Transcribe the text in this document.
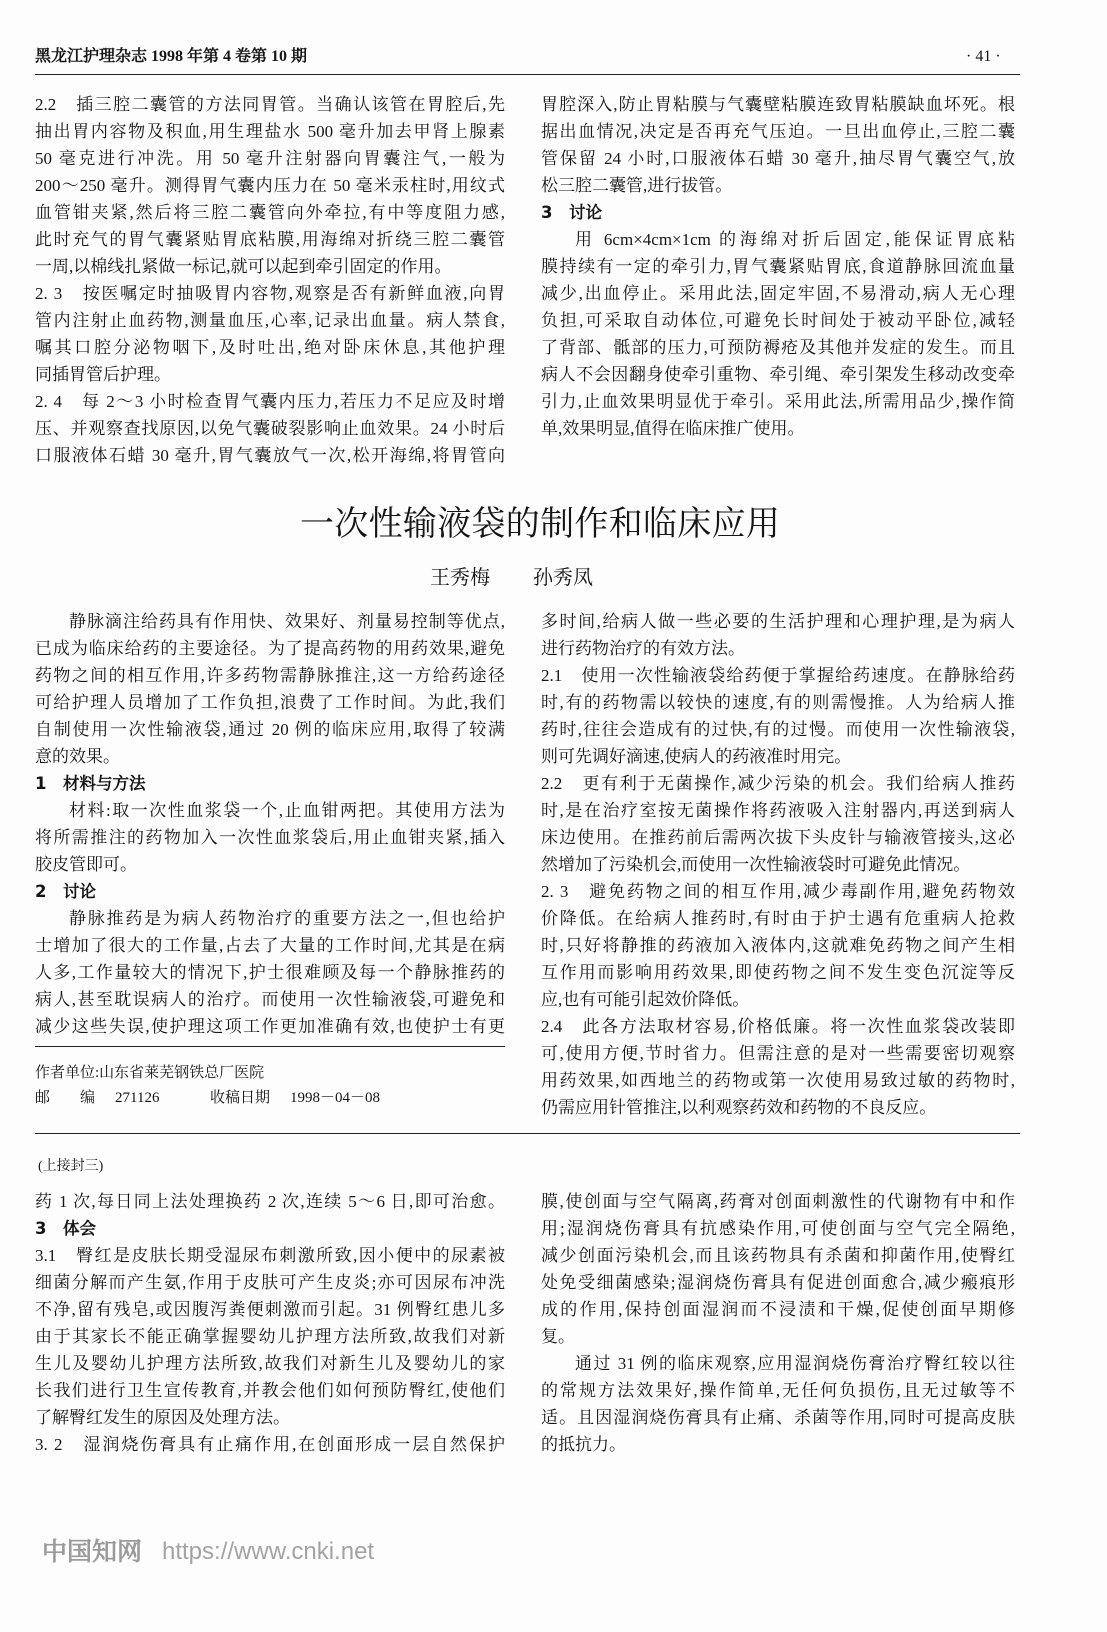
黑龙江护理杂志 1998 年第 4 卷第 10 期	· 41 ·
2.2　插三腔二囊管的方法同胃管。当确认该管在胃腔后,先
抽出胃内容物及积血,用生理盐水 500 毫升加去甲肾上腺素
50 毫克进行冲洗。用 50 毫升注射器向胃囊注气,一般为
200～250 毫升。测得胃气囊内压力在 50 毫米汞柱时,用纹式
血管钳夹紧,然后将三腔二囊管向外牵拉,有中等度阻力感,
此时充气的胃气囊紧贴胃底粘膜,用海绵对折绕三腔二囊管
一周,以棉线扎紧做一标记,就可以起到牵引固定的作用。
2. 3　按医嘱定时抽吸胃内容物,观察是否有新鲜血液,向胃
管内注射止血药物,测量血压,心率,记录出血量。病人禁食,
嘱其口腔分泌物咽下,及时吐出,绝对卧床休息,其他护理
同插胃管后护理。
2. 4　每 2～3 小时检查胃气囊内压力,若压力不足应及时增
压、并观察查找原因,以免气囊破裂影响止血效果。24 小时后
口服液体石蜡 30 毫升,胃气囊放气一次,松开海绵,将胃管向
胃腔深入,防止胃粘膜与气囊壁粘膜连致胃粘膜缺血坏死。根
据出血情况,决定是否再充气压迫。一旦出血停止,三腔二囊
管保留 24 小时,口服液体石蜡 30 毫升,抽尽胃气囊空气,放
松三腔二囊管,进行拔管。
3　讨论
用 6cm×4cm×1cm 的海绵对折后固定,能保证胃底粘
膜持续有一定的牵引力,胃气囊紧贴胃底,食道静脉回流血量
减少,出血停止。采用此法,固定牢固,不易滑动,病人无心理
负担,可采取自动体位,可避免长时间处于被动平卧位,减轻
了背部、骶部的压力,可预防褥疮及其他并发症的发生。而且
病人不会因翻身使牵引重物、牵引绳、牵引架发生移动改变牵
引力,止血效果明显优于牵引。采用此法,所需用品少,操作简
单,效果明显,值得在临床推广使用。
一次性输液袋的制作和临床应用
王秀梅 孙秀凤
静脉滴注给药具有作用快、效果好、剂量易控制等优点,
已成为临床给药的主要途径。为了提高药物的用药效果,避免
药物之间的相互作用,许多药物需静脉推注,这一方给药途径
可给护理人员增加了工作负担,浪费了工作时间。为此,我们
自制使用一次性输液袋,通过 20 例的临床应用,取得了较满
意的效果。
1　材料与方法
材料:取一次性血浆袋一个,止血钳两把。其使用方法为
将所需推注的药物加入一次性血浆袋后,用止血钳夹紧,插入
胶皮管即可。
2　讨论
静脉推药是为病人药物治疗的重要方法之一,但也给护
士增加了很大的工作量,占去了大量的工作时间,尤其是在病
人多,工作量较大的情况下,护士很难顾及每一个静脉推药的
病人,甚至耽误病人的治疗。而使用一次性输液袋,可避免和
减少这些失误,使护理这项工作更加准确有效,也使护士有更
作者单位:山东省莱芜钢铁总厂医院
邮　　编 271126	收稿日期 1998－04－08
多时间,给病人做一些必要的生活护理和心理护理,是为病人
进行药物治疗的有效方法。
2.1　使用一次性输液袋给药便于掌握给药速度。在静脉给药
时,有的药物需以较快的速度,有的则需慢推。人为给病人推
药时,往往会造成有的过快,有的过慢。而使用一次性输液袋,
则可先调好滴速,使病人的药液准时用完。
2.2　更有利于无菌操作,减少污染的机会。我们给病人推药
时,是在治疗室按无菌操作将药液吸入注射器内,再送到病人
床边使用。在推药前后需两次拔下头皮针与输液管接头,这必
然增加了污染机会,而使用一次性输液袋时可避免此情况。
2. 3　避免药物之间的相互作用,减少毒副作用,避免药物效
价降低。在给病人推药时,有时由于护士遇有危重病人抢救
时,只好将静推的药液加入液体内,这就难免药物之间产生相
互作用而影响用药效果,即使药物之间不发生变色沉淀等反
应,也有可能引起效价降低。
2.4　此各方法取材容易,价格低廉。将一次性血浆袋改装即
可,使用方便,节时省力。但需注意的是对一些需要密切观察
用药效果,如西地兰的药物或第一次使用易致过敏的药物时,
仍需应用针管推注,以利观察药效和药物的不良反应。
(上接封三)
药 1 次,每日同上法处理换药 2 次,连续 5～6 日,即可治愈。
3　体会
3.1　臀红是皮肤长期受湿尿布刺激所致,因小便中的尿素被
细菌分解而产生氨,作用于皮肤可产生皮炎;亦可因尿布冲洗
不净,留有残皂,或因腹泻粪便刺激而引起。31 例臀红患儿多
由于其家长不能正确掌握婴幼儿护理方法所致,故我们对新
生儿及婴幼儿护理方法所致,故我们对新生儿及婴幼儿的家
长我们进行卫生宣传教育,并教会他们如何预防臀红,使他们
了解臀红发生的原因及处理方法。
3. 2　湿润烧伤膏具有止痛作用,在创面形成一层自然保护
膜,使创面与空气隔离,药膏对创面刺激性的代谢物有中和作
用;湿润烧伤膏具有抗感染作用,可使创面与空气完全隔绝,
减少创面污染机会,而且该药物具有杀菌和抑菌作用,使臀红
处免受细菌感染;湿润烧伤膏具有促进创面愈合,减少瘢痕形
成的作用,保持创面湿润而不浸渍和干燥,促使创面早期修
复。
通过 31 例的临床观察,应用湿润烧伤膏治疗臀红较以往
的常规方法效果好,操作简单,无任何负损伤,且无过敏等不
适。且因湿润烧伤膏具有止痛、杀菌等作用,同时可提高皮肤
的抵抗力。
中国知网 https://www.cnki.net
